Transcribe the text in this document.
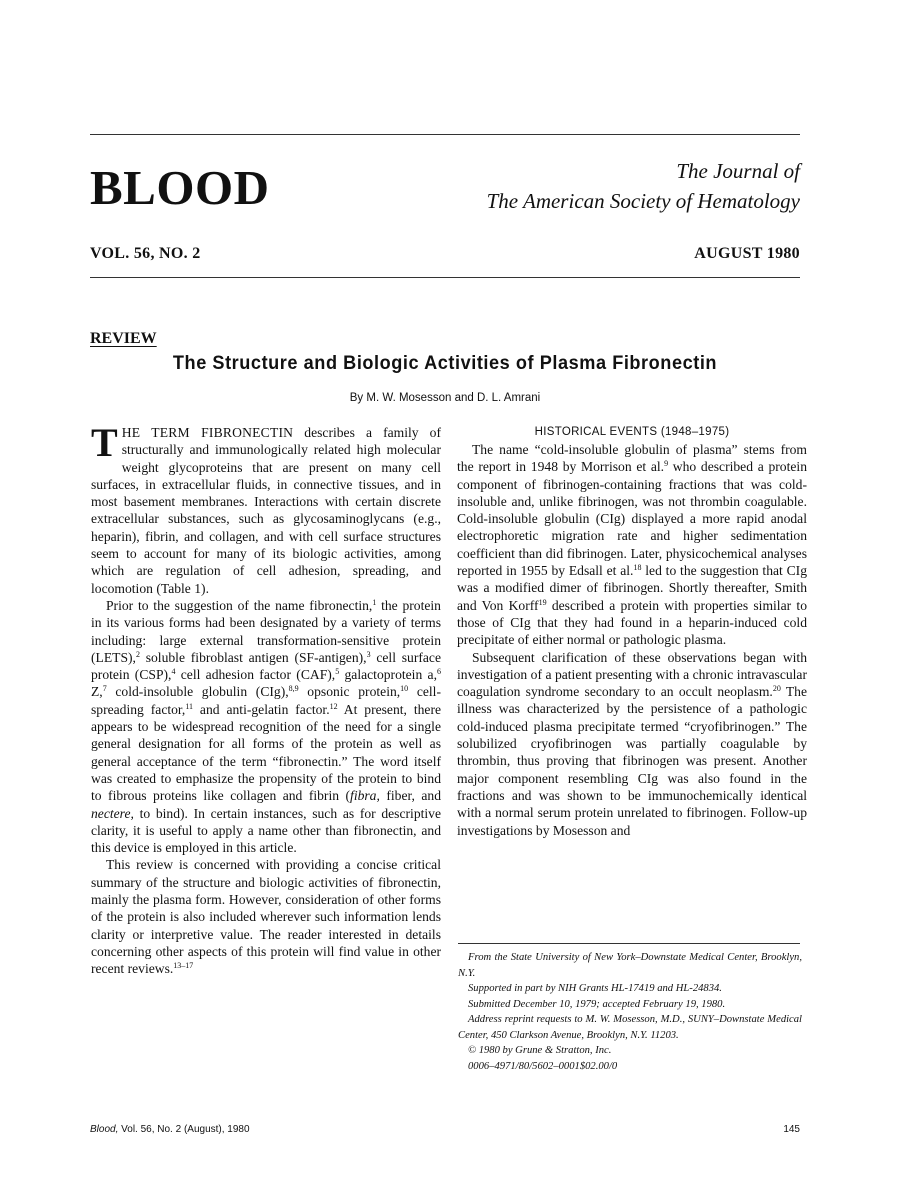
BLOOD	The Journal of
The American Society of Hematology
VOL. 56, NO. 2	AUGUST 1980
REVIEW
The Structure and Biologic Activities of Plasma Fibronectin
By M. W. Mosesson and D. L. Amrani

THE TERM FIBRONECTIN describes a family of structurally and immunologically related high molecular weight glycoproteins that are present on many cell surfaces, in extracellular fluids, in connective tissues, and in most basement membranes. Interactions with certain discrete extracellular substances, such as glycosaminoglycans (e.g., heparin), fibrin, and collagen, and with cell surface structures seem to account for many of its biologic activities, among which are regulation of cell adhesion, spreading, and locomotion (Table 1).

Prior to the suggestion of the name fibronectin,$^1$ the protein in its various forms had been designated by a variety of terms including: large external transformation-sensitive protein (LETS),$^2$ soluble fibroblast antigen (SF-antigen),$^3$ cell surface protein (CSP),$^4$ cell adhesion factor (CAF),$^5$ galactoprotein a,$^6$ Z,$^7$ cold-insoluble globulin (CIg),$^{8,9}$ opsonic protein,$^{10}$ cell-spreading factor,$^{11}$ and anti-gelatin factor.$^{12}$ At present, there appears to be widespread recognition of the need for a single general designation for all forms of the protein as well as general acceptance of the term “fibronectin.” The word itself was created to emphasize the propensity of the protein to bind to fibrous proteins like collagen and fibrin (fibra, fiber, and nectere, to bind). In certain instances, such as for descriptive clarity, it is useful to apply a name other than fibronectin, and this device is employed in this article.

This review is concerned with providing a concise critical summary of the structure and biologic activities of fibronectin, mainly the plasma form. However, consideration of other forms of the protein is also included wherever such information lends clarity or interpretive value. The reader interested in details concerning other aspects of this protein will find value in other recent reviews.$^{13-17}$

HISTORICAL EVENTS (1948–1975)

The name “cold-insoluble globulin of plasma” stems from the report in 1948 by Morrison et al.$^9$ who described a protein component of fibrinogen-containing fractions that was cold-insoluble and, unlike fibrinogen, was not thrombin coagulable. Cold-insoluble globulin (CIg) displayed a more rapid anodal electrophoretic migration rate and higher sedimentation coefficient than did fibrinogen. Later, physicochemical analyses reported in 1955 by Edsall et al.$^{18}$ led to the suggestion that CIg was a modified dimer of fibrinogen. Shortly thereafter, Smith and Von Korff$^{19}$ described a protein with properties similar to those of CIg that they had found in a heparin-induced cold precipitate of either normal or pathologic plasma.

Subsequent clarification of these observations began with investigation of a patient presenting with a chronic intravascular coagulation syndrome secondary to an occult neoplasm.$^{20}$ The illness was characterized by the persistence of a pathologic cold-induced plasma precipitate termed “cryofibrinogen.” The solubilized cryofibrinogen was partially coagulable by thrombin, thus proving that fibrinogen was present. Another major component resembling CIg was also found in the fractions and was shown to be immunochemically identical with a normal serum protein unrelated to fibrinogen. Follow-up investigations by Mosesson and

From the State University of New York–Downstate Medical Center, Brooklyn, N.Y.

Supported in part by NIH Grants HL-17419 and HL-24834.

Submitted December 10, 1979; accepted February 19, 1980.

Address reprint requests to M. W. Mosesson, M.D., SUNY–Downstate Medical Center, 450 Clarkson Avenue, Brooklyn, N.Y. 11203.

© 1980 by Grune & Stratton, Inc.

0006–4971/80/5602–0001$02.00/0

Blood, Vol. 56, No. 2 (August), 1980	145
